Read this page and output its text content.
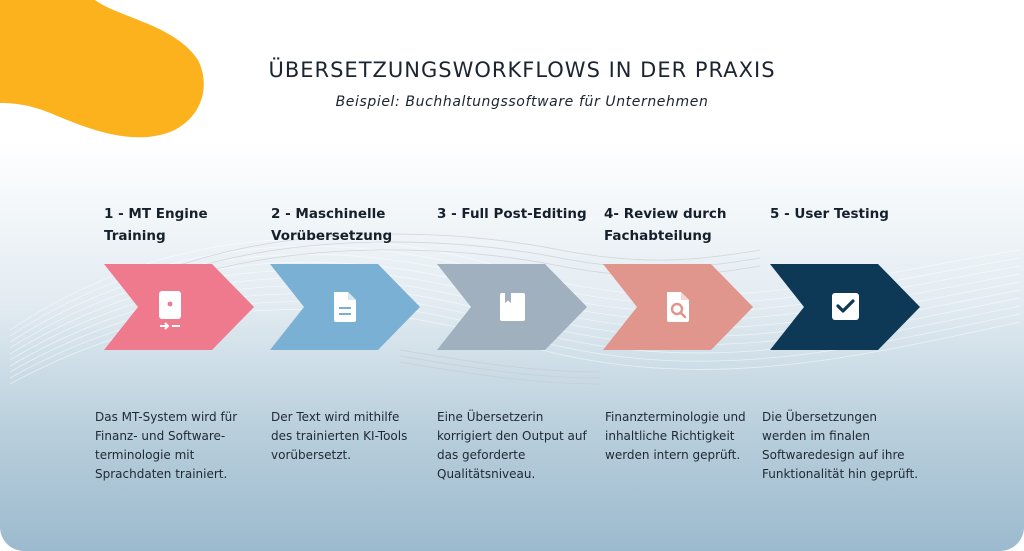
ÜBERSETZUNGSWORKFLOWS IN DER PRAXIS
Beispiel: Buchhaltungssoftware für Unternehmen
1 - MT Engine
Training
Das MT-System wird für
Finanz- und Software-
terminologie mit
Sprachdaten trainiert.
2 - Maschinelle
Vorübersetzung
Der Text wird mithilfe
des trainierten KI-Tools
vorübersetzt.
3 - Full Post-Editing
Eine Übersetzerin
korrigiert den Output auf
das geforderte
Qualitätsniveau.
4- Review durch
Fachabteilung
Finanzterminologie und
inhaltliche Richtigkeit
werden intern geprüft.
5 - User Testing
Die Übersetzungen
werden im finalen
Softwaredesign auf ihre
Funktionalität hin geprüft.
